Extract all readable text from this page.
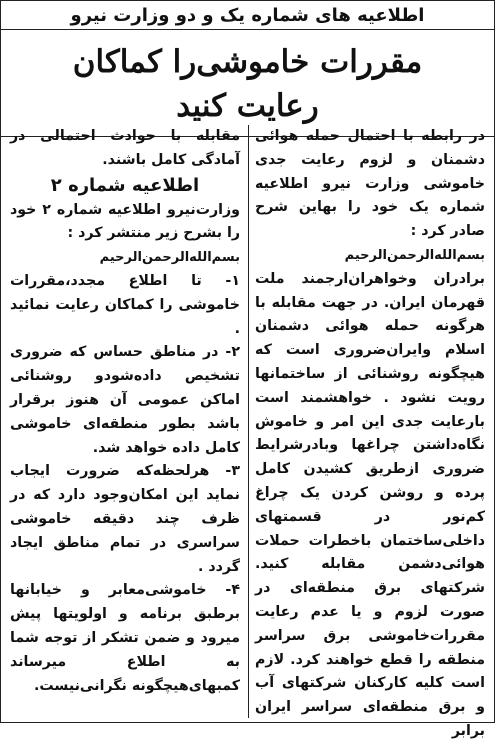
اطلاعیه های شماره یک و دو وزارت نیرو
مقررات خاموشی‌را کماکان
رعایت کنید

در رابطه با احتمال حمله هوائی دشمنان و لزوم رعایت جدی خاموشی وزارت نیرو اطلاعیه شماره یک خود را بهاین شرح صادر کرد :

بسم‌الله‌الرحمن‌الرحیم

برادران وخواهران‌ارجمند ملت قهرمان ایران. در جهت مقابله با هرگونه حمله هوائی دشمنان اسلام وایران‌ضروری است که هیچگونه روشنائی از ساختمانها رویت نشود . خواهشمند است بارعایت جدی این امر و خاموش نگاه‌داشتن چراغها وبادرشرایط ضروری ازطریق کشیدن کامل پرده و روشن کردن یک چراغ کم‌نور در قسمتهای داخلی‌ساختمان باخطرات حملات هوائی‌دشمن مقابله کنید. شرکتهای برق منطقه‌ای در صورت لزوم و یا عدم رعایت مقررات‌خاموشی برق سراسر منطقه را قطع خواهند کرد. لازم است کلیه کارکنان شرکتهای آب و برق منطقه‌ای سراسر ایران برابر

مقابله با حوادث احتمالی در آمادگی کامل باشند.

اطلاعیه شماره ۲

وزارت‌نیرو اطلاعیه شماره ۲ خود را بشرح زیر منتشر کرد :

بسم‌الله‌الرحمن‌الرحیم

۱- تا اطلاع مجدد،مقررات خاموشی را کماکان رعایت نمائید .

۲- در مناطق حساس که ضروری تشخیص داده‌شود‌و روشنائی اماکن عمومی آن هنوز برقرار باشد بطور منطقه‌ای خاموشی کامل داده خواهد شد.

۳- هرلحظه‌که ضرورت ایجاب نماید این امکان‌وجود دارد که در ظرف چند دقیقه خاموشی سراسری در تمام مناطق ایجاد گردد .

۴- خاموشی‌معابر و خیابانها برطبق برنامه و اولویتها پیش میرود و ضمن تشکر از توجه شما به اطلاع میرساند کمبهای‌هیچگونه نگرانی‌نیست.
